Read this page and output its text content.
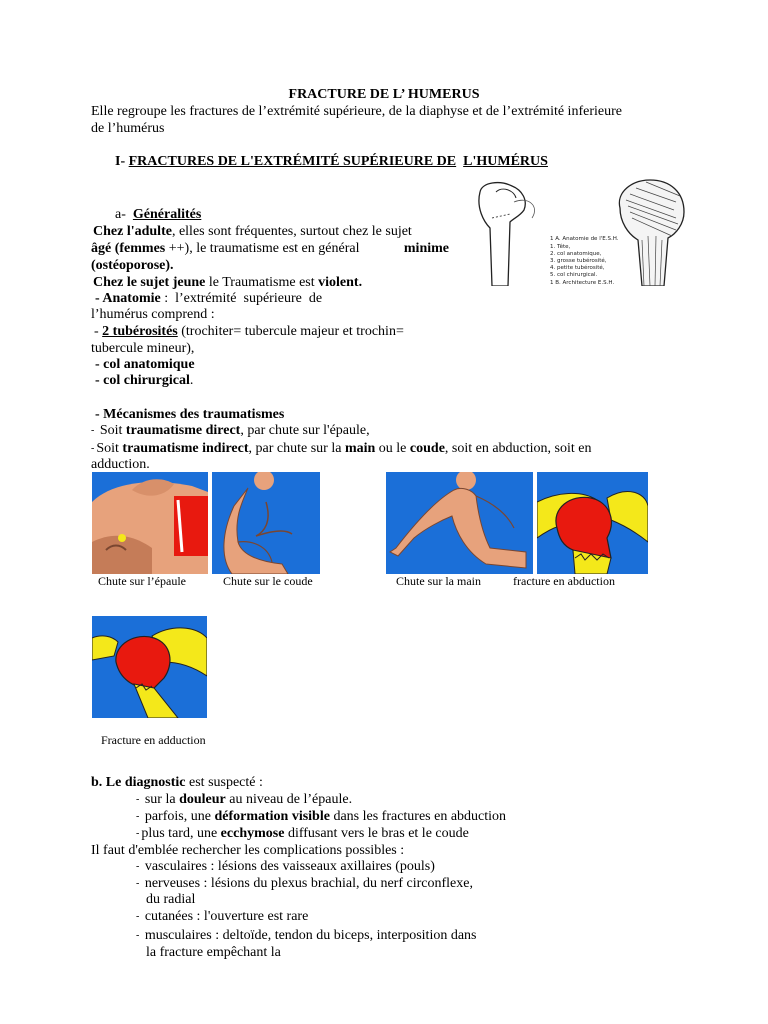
FRACTURE DE L’ HUMERUS
Elle regroupe les fractures de l’extrémité supérieure, de la diaphyse et de l’extrémité inferieure
de l’humérus
I- FRACTURES DE L'EXTRÉMITÉ SUPÉRIEURE DE L'HUMÉRUS
a- Généralités
Chez l'adulte, elles sont fréquentes, surtout chez le sujet
âgé (femmes ++), le traumatisme est en général	minime
(ostéoporose).
Chez le sujet jeune le Traumatisme est violent.
- Anatomie :  l’extrémité  supérieure  de
l’humérus comprend :
- 2 tubérosités (trochiter= tubercule majeur et trochin=
tubercule mineur),
- col anatomique
- col chirurgical.
1 A. Anatomie de l'E.S.H.
1. Tête,
2. col anatomique,
3. grosse tubérosité,
4. petite tubérosité,
5. col chirurgical.
1 B. Architecture E.S.H.
- Mécanismes des traumatismes
- Soit traumatisme direct, par chute sur l'épaule,
- Soit traumatisme indirect, par chute sur la main ou le coude, soit en abduction, soit en
adduction.
Chute sur l’épaule	Chute sur le coude	Chute sur la main	fracture en abduction
Fracture en adduction
b. Le diagnostic est suspecté :
- sur la douleur au niveau de l’épaule.
- parfois, une déformation visible dans les fractures en abduction
- plus tard, une ecchymose diffusant vers le bras et le coude
Il faut d'emblée rechercher les complications possibles :
- vasculaires : lésions des vaisseaux axillaires (pouls)
- nerveuses : lésions du plexus brachial, du nerf circonflexe,
du radial
- cutanées : l'ouverture est rare
- musculaires : deltoïde, tendon du biceps, interposition dans
la fracture empêchant la
